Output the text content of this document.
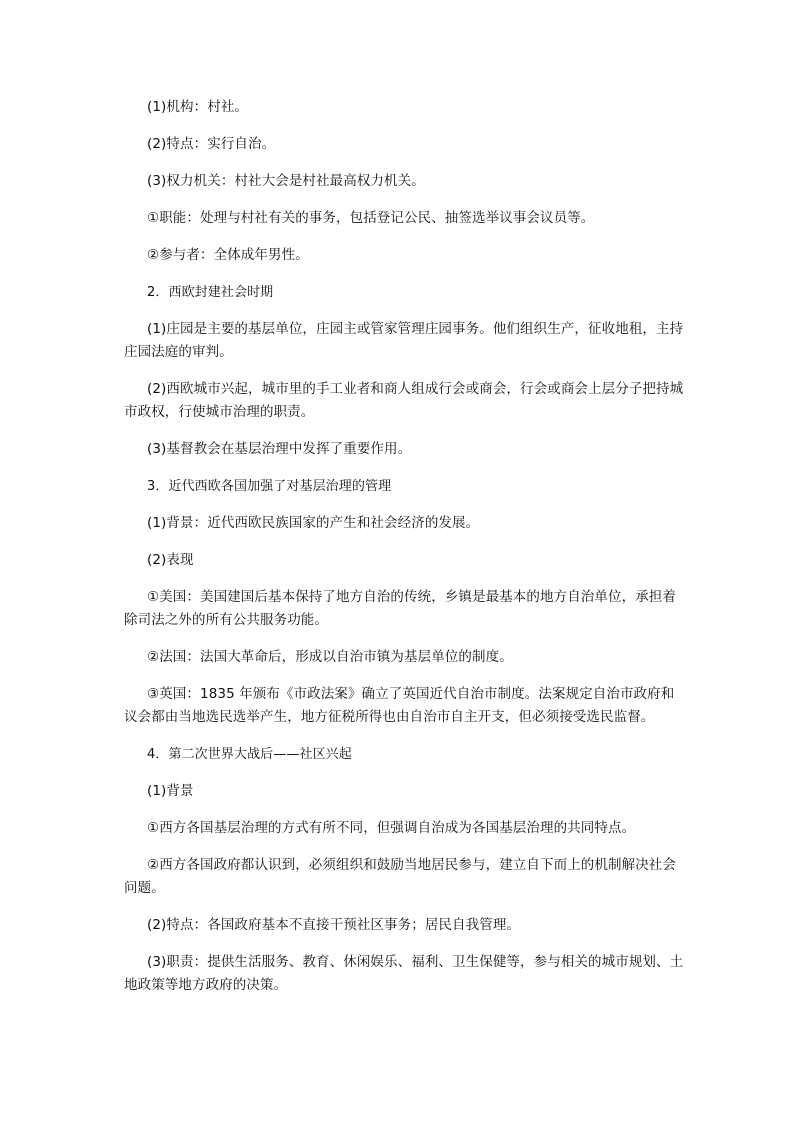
(1)机构：村社。

(2)特点：实行自治。

(3)权力机关：村社大会是村社最高权力机关。

①职能：处理与村社有关的事务，包括登记公民、抽签选举议事会议员等。

②参与者：全体成年男性。

2．西欧封建社会时期

(1)庄园是主要的基层单位，庄园主或管家管理庄园事务。他们组织生产，征收地租，主持庄园法庭的审判。

(2)西欧城市兴起，城市里的手工业者和商人组成行会或商会，行会或商会上层分子把持城市政权，行使城市治理的职责。

(3)基督教会在基层治理中发挥了重要作用。

3．近代西欧各国加强了对基层治理的管理

(1)背景：近代西欧民族国家的产生和社会经济的发展。

(2)表现

①美国：美国建国后基本保持了地方自治的传统，乡镇是最基本的地方自治单位，承担着除司法之外的所有公共服务功能。

②法国：法国大革命后，形成以自治市镇为基层单位的制度。

③英国：1835 年颁布《市政法案》确立了英国近代自治市制度。法案规定自治市政府和议会都由当地选民选举产生，地方征税所得也由自治市自主开支，但必须接受选民监督。

4．第二次世界大战后——社区兴起

(1)背景

①西方各国基层治理的方式有所不同，但强调自治成为各国基层治理的共同特点。

②西方各国政府都认识到，必须组织和鼓励当地居民参与，建立自下而上的机制解决社会问题。

(2)特点：各国政府基本不直接干预社区事务；居民自我管理。

(3)职责：提供生活服务、教育、休闲娱乐、福利、卫生保健等，参与相关的城市规划、土地政策等地方政府的决策。
